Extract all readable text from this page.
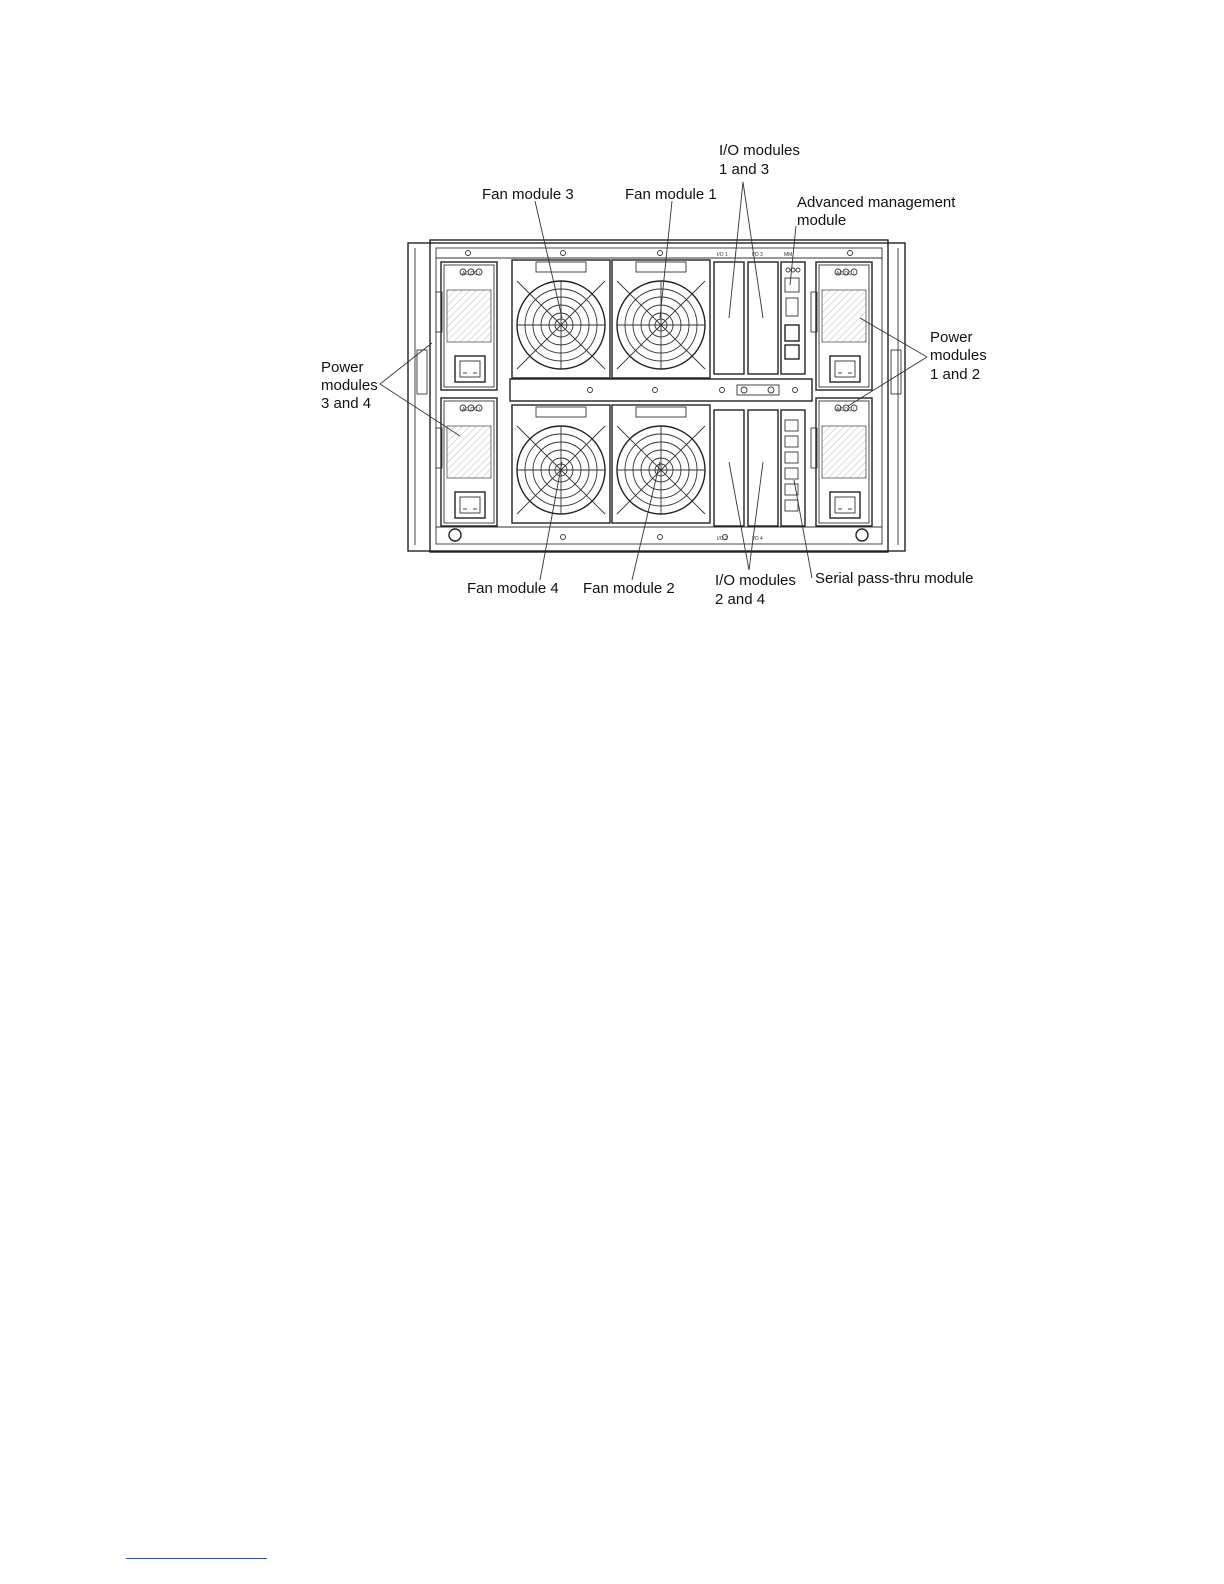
AC DC !
AC DC !
AC DC !
AC DC !
I/O 1	I/O 3	MM
I/O 2	I/O 4
I/O modules
1 and 3
Fan module 3	Fan module 1	Advanced management
module
Power
modules
3 and 4
Power
modules
1 and 2
Fan module 4 Fan module 2	I/O modules
2 and 4
Serial pass-thru module
